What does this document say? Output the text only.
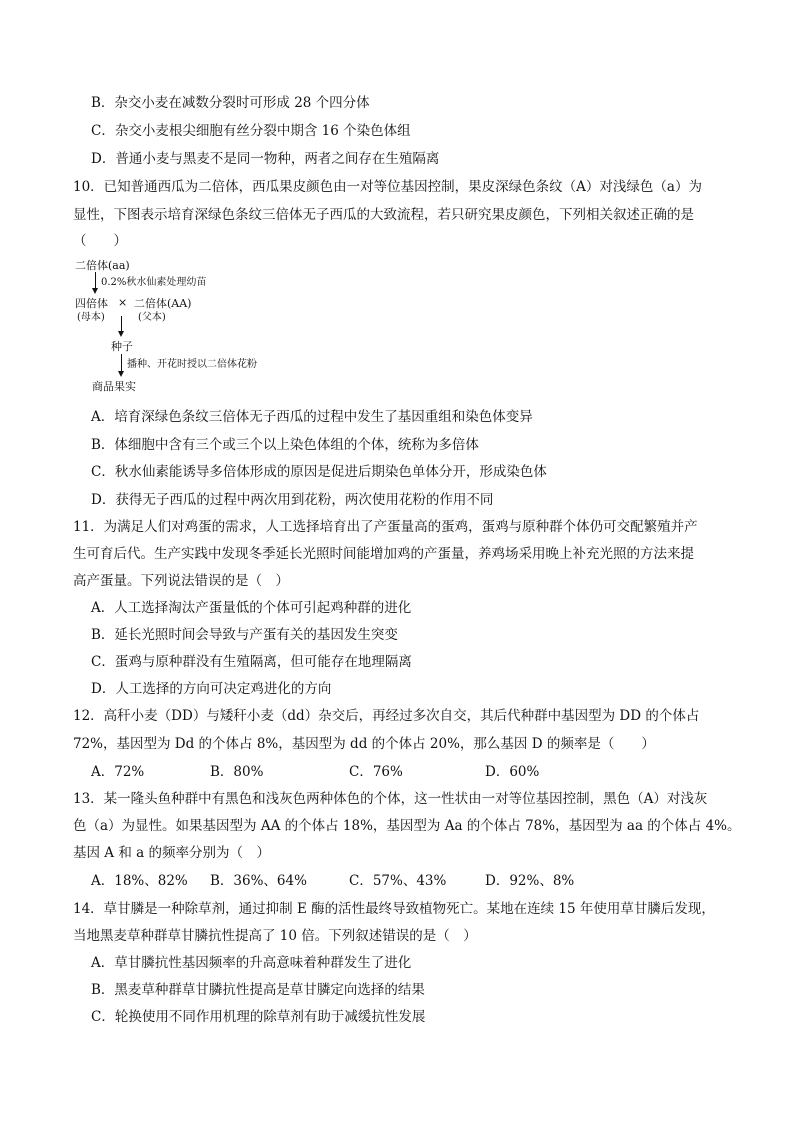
B．杂交小麦在减数分裂时可形成 28 个四分体
C．杂交小麦根尖细胞有丝分裂中期含 16 个染色体组
D．普通小麦与黑麦不是同一物种，两者之间存在生殖隔离
10．已知普通西瓜为二倍体，西瓜果皮颜色由一对等位基因控制，果皮深绿色条纹（A）对浅绿色（a）为
显性，下图表示培育深绿色条纹三倍体无子西瓜的大致流程，若只研究果皮颜色，下列相关叙述正确的是
（　　）
二倍体(aa)
0.2%秋水仙素处理幼苗
四倍体 × 二倍体(AA)
(母本)	(父本)
种子
播种、开花时授以二倍体花粉
商品果实
A．培育深绿色条纹三倍体无子西瓜的过程中发生了基因重组和染色体变异
B．体细胞中含有三个或三个以上染色体组的个体，统称为多倍体
C．秋水仙素能诱导多倍体形成的原因是促进后期染色单体分开，形成染色体
D．获得无子西瓜的过程中两次用到花粉，两次使用花粉的作用不同
11．为满足人们对鸡蛋的需求，人工选择培育出了产蛋量高的蛋鸡，蛋鸡与原种群个体仍可交配繁殖并产
生可育后代。生产实践中发现冬季延长光照时间能增加鸡的产蛋量，养鸡场采用晚上补充光照的方法来提
高产蛋量。下列说法错误的是（　）
A．人工选择淘汰产蛋量低的个体可引起鸡种群的进化
B．延长光照时间会导致与产蛋有关的基因发生突变
C．蛋鸡与原种群没有生殖隔离，但可能存在地理隔离
D．人工选择的方向可决定鸡进化的方向
12．高秆小麦（DD）与矮秆小麦（dd）杂交后，再经过多次自交，其后代种群中基因型为 DD 的个体占
72%，基因型为 Dd 的个体占 8%，基因型为 dd 的个体占 20%，那么基因 D 的频率是（　　）
A．72%	B．80%	C．76%	D．60%
13．某一隆头鱼种群中有黑色和浅灰色两种体色的个体，这一性状由一对等位基因控制，黑色（A）对浅灰
色（a）为显性。如果基因型为 AA 的个体占 18%，基因型为 Aa 的个体占 78%，基因型为 aa 的个体占 4%。
基因 A 和 a 的频率分别为（　）
A．18%、82% B．36%、64%	C．57%、43%	D．92%、8%
14．草甘膦是一种除草剂，通过抑制 E 酶的活性最终导致植物死亡。某地在连续 15 年使用草甘膦后发现，
当地黑麦草种群草甘膦抗性提高了 10 倍。下列叙述错误的是（　）
A．草甘膦抗性基因频率的升高意味着种群发生了进化
B．黑麦草种群草甘膦抗性提高是草甘膦定向选择的结果
C．轮换使用不同作用机理的除草剂有助于减缓抗性发展
